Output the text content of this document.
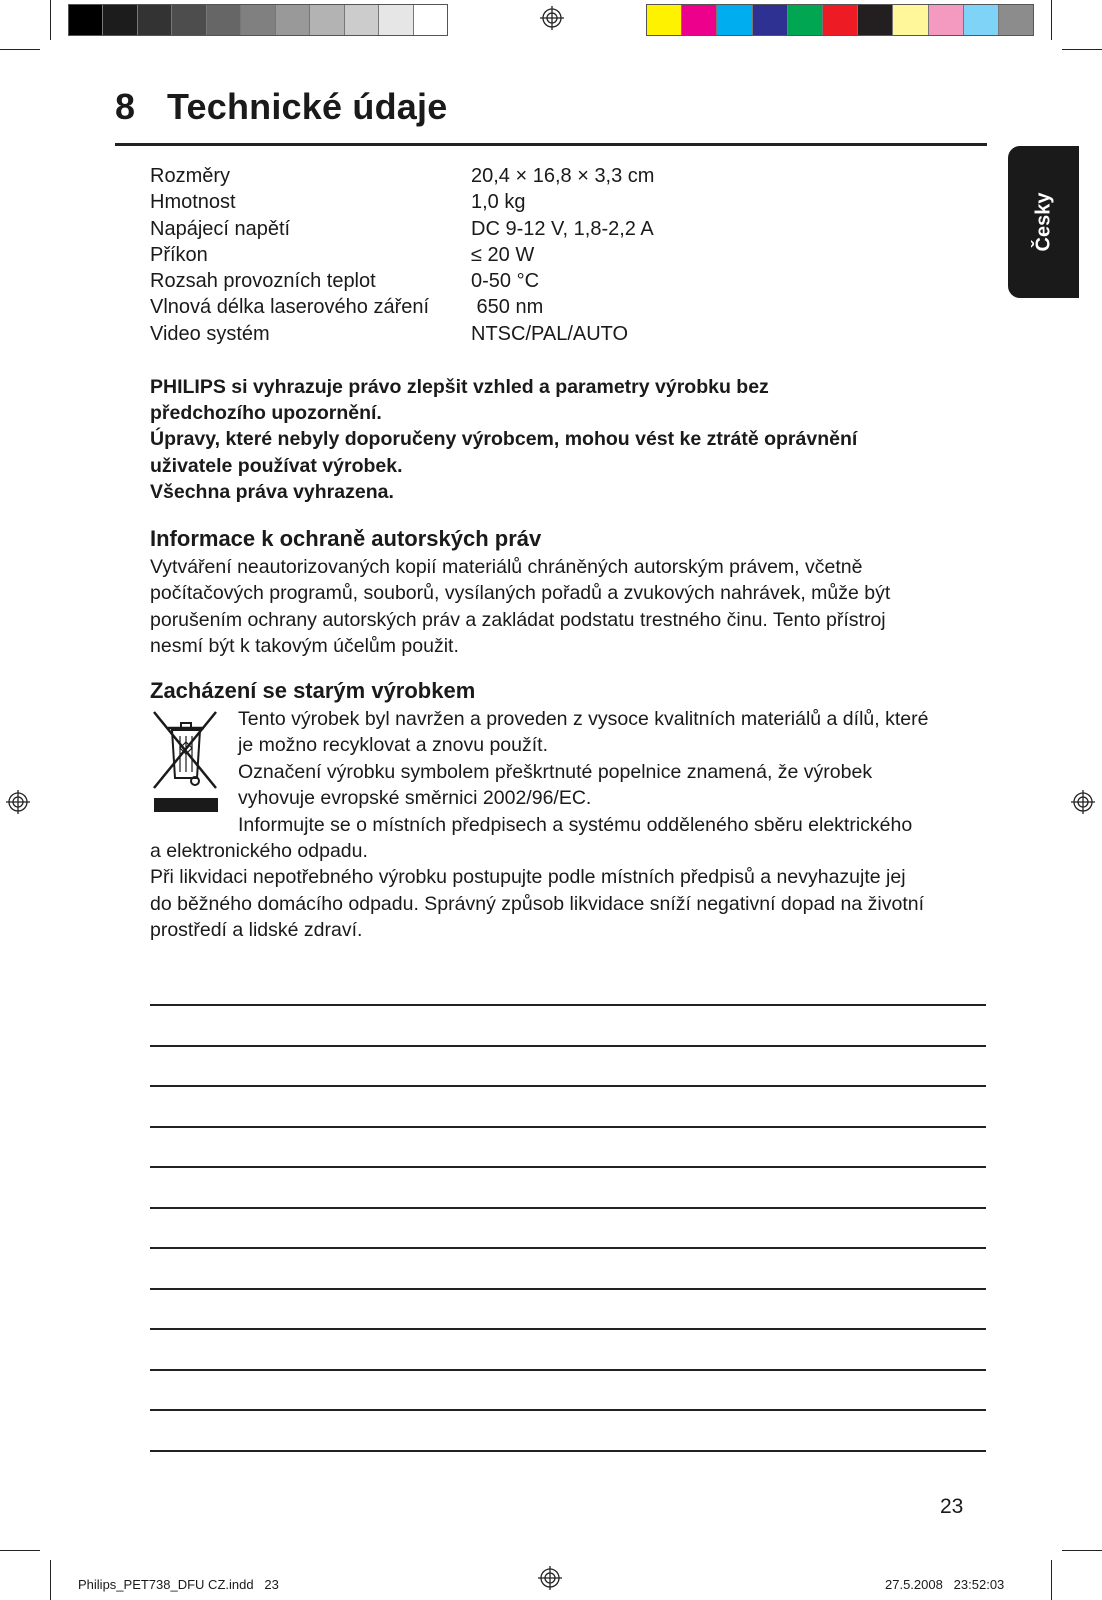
8 Technické údaje
Česky
Rozměry	20,4 × 16,8 × 3,3 cm
Hmotnost	1,0 kg
Napájecí napětí	DC 9-12 V, 1,8-2,2 A
Příkon	≤ 20 W
Rozsah provozních teplot	0-50 °C
Vlnová délka laserového záření	650 nm
Video systém	NTSC/PAL/AUTO

PHILIPS si vyhrazuje právo zlepšit vzhled a parametry výrobku bez

předchozího upozornění.

Úpravy, které nebyly doporučeny výrobcem, mohou vést ke ztrátě oprávnění

uživatele používat výrobek.

Všechna práva vyhrazena.

Informace k ochraně autorských práv

Vytváření neautorizovaných kopií materiálů chráněných autorským právem, včetně

počítačových programů, souborů, vysílaných pořadů a zvukových nahrávek, může být

porušením ochrany autorských práv a zakládat podstatu trestného činu. Tento přístroj

nesmí být k takovým účelům použit.

Zacházení se starým výrobkem

Tento výrobek byl navržen a proveden z vysoce kvalitních materiálů a dílů, které

je možno recyklovat a znovu použít.

Označení výrobku symbolem přeškrtnuté popelnice znamená, že výrobek

vyhovuje evropské směrnici 2002/96/EC.

Informujte se o místních předpisech a systému odděleného sběru elektrického

a elektronického odpadu.

Při likvidaci nepotřebného výrobku postupujte podle místních předpisů a nevyhazujte jej

do běžného domácího odpadu. Správný způsob likvidace sníží negativní dopad na životní

prostředí a lidské zdraví.

23
Philips_PET738_DFU CZ.indd   23	27.5.2008   23:52:03
